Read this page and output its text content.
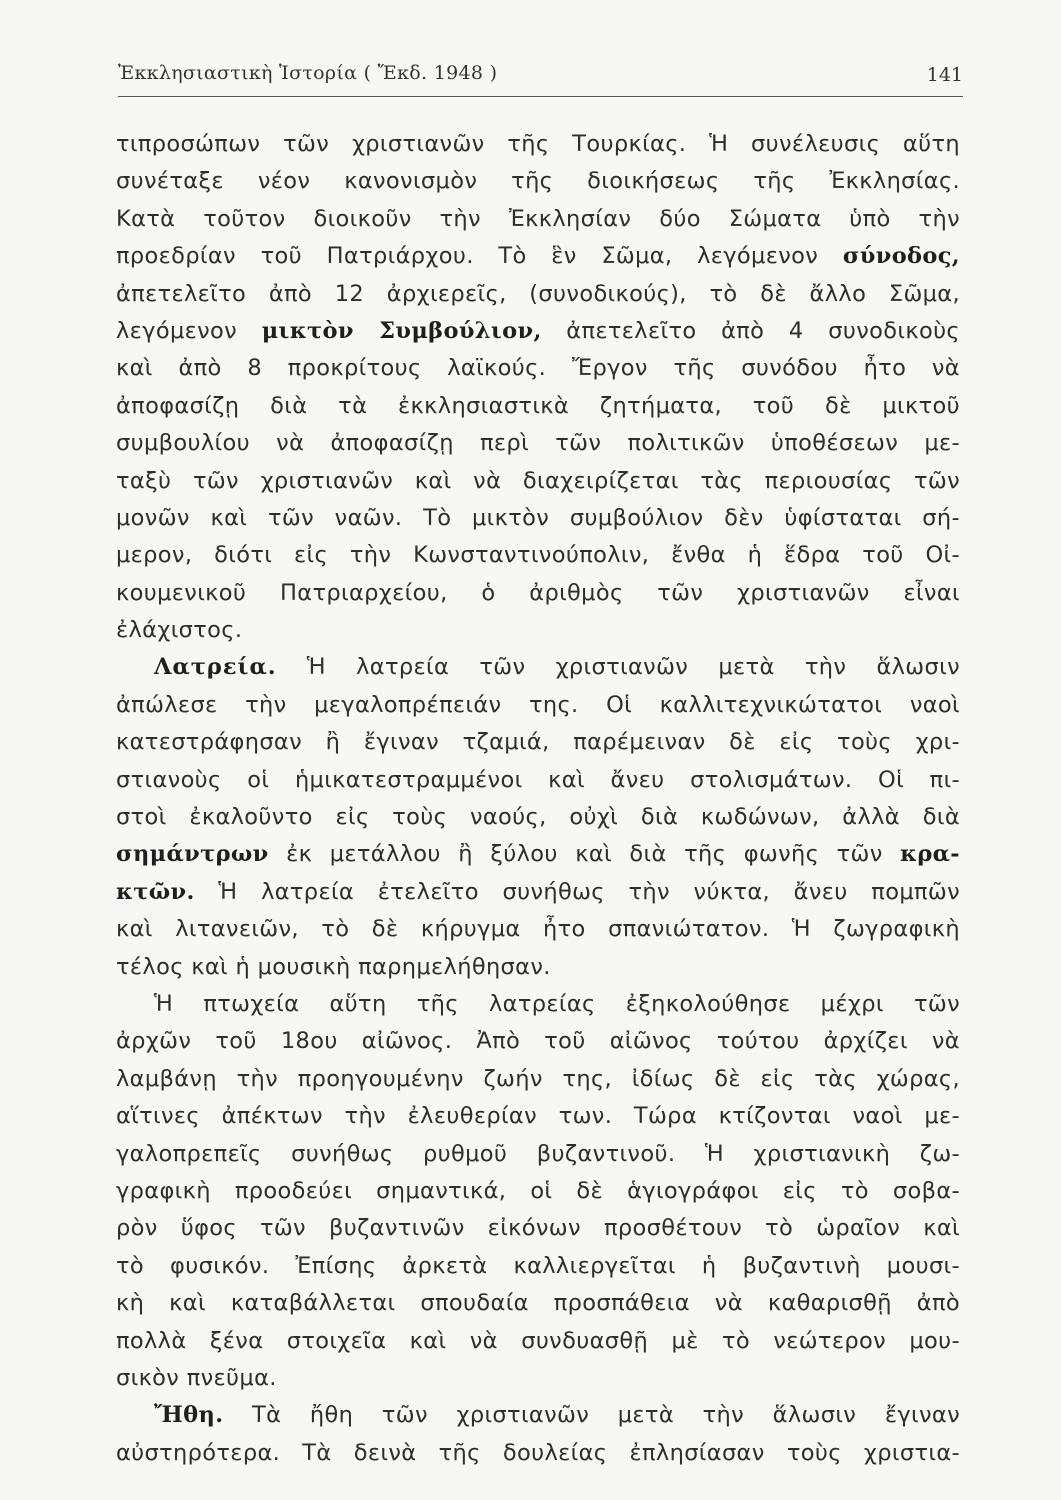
Ἐκκλησιαστικὴ Ἱστορία ( Ἔκδ. 1948 )	141
τιπροσώπων τῶν χριστιανῶν τῆς Τουρκίας. Ἡ συνέλευσις αὕτη
συνέταξε νέον κανονισμὸν τῆς διοικήσεως τῆς Ἐκκλησίας.
Κατὰ τοῦτον διοικοῦν τὴν Ἐκκλησίαν δύο Σώματα ὑπὸ τὴν
προεδρίαν τοῦ Πατριάρχου. Τὸ ἓν Σῶμα, λεγόμενον σύνοδος,
ἀπετελεῖτο ἀπὸ 12 ἀρχιερεῖς, (συνοδικούς), τὸ δὲ ἄλλο Σῶμα,
λεγόμενον μικτὸν Συμβούλιον, ἀπετελεῖτο ἀπὸ 4 συνοδικοὺς
καὶ ἀπὸ 8 προκρίτους λαϊκούς. Ἔργον τῆς συνόδου ἦτο νὰ
ἀποφασίζῃ διὰ τὰ ἐκκλησιαστικὰ ζητήματα, τοῦ δὲ μικτοῦ
συμβουλίου νὰ ἀποφασίζῃ περὶ τῶν πολιτικῶν ὑποθέσεων με-
ταξὺ τῶν χριστιανῶν καὶ νὰ διαχειρίζεται τὰς περιουσίας τῶν
μονῶν καὶ τῶν ναῶν. Τὸ μικτὸν συμβούλιον δὲν ὑφίσταται σή-
μερον, διότι εἰς τὴν Κωνσταντινούπολιν, ἔνθα ἡ ἕδρα τοῦ Οἰ-
κουμενικοῦ Πατριαρχείου, ὁ ἀριθμὸς τῶν χριστιανῶν εἶναι
ἐλάχιστος.
Λατρεία. Ἡ λατρεία τῶν χριστιανῶν μετὰ τὴν ἅλωσιν
ἀπώλεσε τὴν μεγαλοπρέπειάν της. Οἱ καλλιτεχνικώτατοι ναοὶ
κατεστράφησαν ἢ ἔγιναν τζαμιά, παρέμειναν δὲ εἰς τοὺς χρι-
στιανοὺς οἱ ἡμικατεστραμμένοι καὶ ἄνευ στολισμάτων. Οἱ πι-
στοὶ ἐκαλοῦντο εἰς τοὺς ναούς, οὐχὶ διὰ κωδώνων, ἀλλὰ διὰ
σημάντρων ἐκ μετάλλου ἢ ξύλου καὶ διὰ τῆς φωνῆς τῶν κρα-
κτῶν. Ἡ λατρεία ἐτελεῖτο συνήθως τὴν νύκτα, ἄνευ πομπῶν
καὶ λιτανειῶν, τὸ δὲ κήρυγμα ἦτο σπανιώτατον. Ἡ ζωγραφικὴ
τέλος καὶ ἡ μουσικὴ παρημελήθησαν.
Ἡ πτωχεία αὕτη τῆς λατρείας ἐξηκολούθησε μέχρι τῶν
ἀρχῶν τοῦ 18ου αἰῶνος. Ἀπὸ τοῦ αἰῶνος τούτου ἀρχίζει νὰ
λαμβάνῃ τὴν προηγουμένην ζωήν της, ἰδίως δὲ εἰς τὰς χώρας,
αἵτινες ἀπέκτων τὴν ἐλευθερίαν των. Τώρα κτίζονται ναοὶ με-
γαλοπρεπεῖς συνήθως ρυθμοῦ βυζαντινοῦ. Ἡ χριστιανικὴ ζω-
γραφικὴ προοδεύει σημαντικά, οἱ δὲ ἁγιογράφοι εἰς τὸ σοβα-
ρὸν ὕφος τῶν βυζαντινῶν εἰκόνων προσθέτουν τὸ ὡραῖον καὶ
τὸ φυσικόν. Ἐπίσης ἀρκετὰ καλλιεργεῖται ἡ βυζαντινὴ μουσι-
κὴ καὶ καταβάλλεται σπουδαία προσπάθεια νὰ καθαρισθῇ ἀπὸ
πολλὰ ξένα στοιχεῖα καὶ νὰ συνδυασθῇ μὲ τὸ νεώτερον μου-
σικὸν πνεῦμα.
Ἤθη. Τὰ ἤθη τῶν χριστιανῶν μετὰ τὴν ἅλωσιν ἔγιναν
αὐστηρότερα. Τὰ δεινὰ τῆς δουλείας ἐπλησίασαν τοὺς χριστια-
